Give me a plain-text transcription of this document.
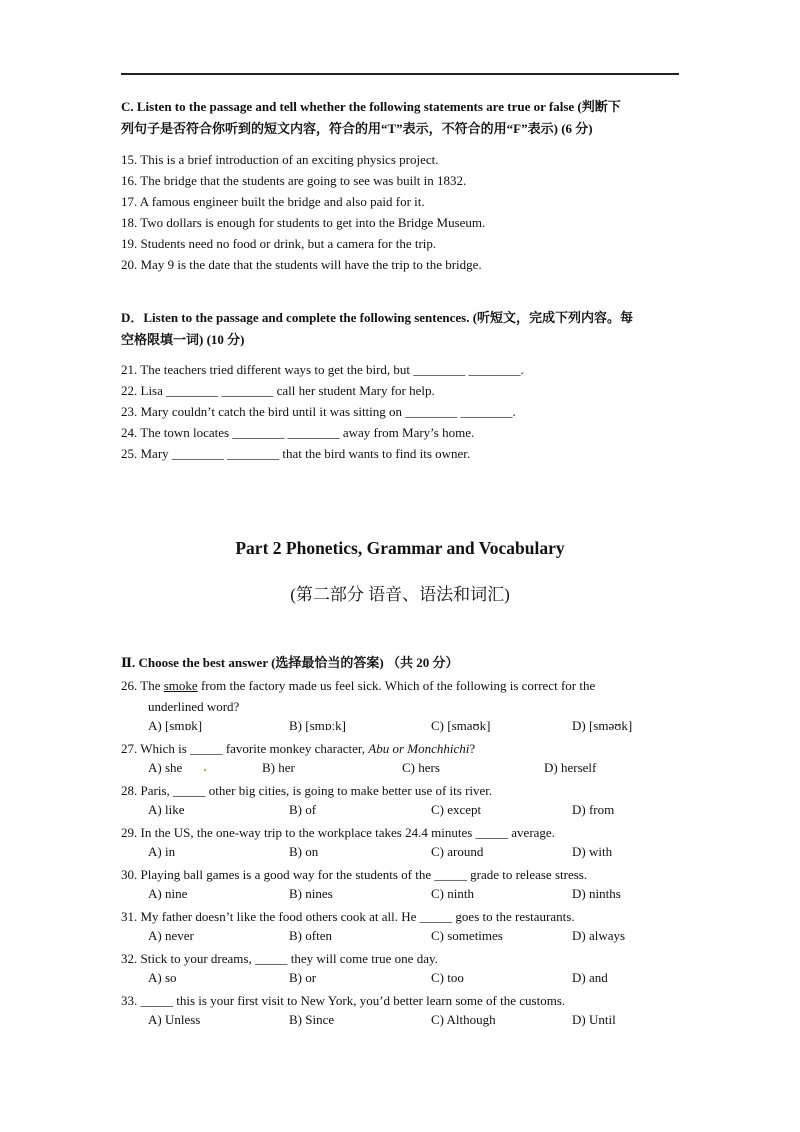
C. Listen to the passage and tell whether the following statements are true or false (判断下
列句子是否符合你听到的短文内容，符合的用“T”表示，不符合的用“F”表示) (6 分)
15. This is a brief introduction of an exciting physics project.
16. The bridge that the students are going to see was built in 1832.
17. A famous engineer built the bridge and also paid for it.
18. Two dollars is enough for students to get into the Bridge Museum.
19. Students need no food or drink, but a camera for the trip.
20. May 9 is the date that the students will have the trip to the bridge.
D．Listen to the passage and complete the following sentences. (听短文，完成下列内容。每
空格限填一词) (10 分)
21. The teachers tried different ways to get the bird, but ________ ________.
22. Lisa ________ ________ call her student Mary for help.
23. Mary couldn’t catch the bird until it was sitting on ________ ________.
24. The town locates ________ ________ away from Mary’s home.
25. Mary ________ ________ that the bird wants to find its owner.
Part 2 Phonetics, Grammar and Vocabulary
(第二部分 语音、语法和词汇)
Ⅱ. Choose the best answer (选择最恰当的答案) （共 20 分）
26. The smoke from the factory made us feel sick. Which of the following is correct for the
underlined word?
A) [smɒk]	B) [smɒːk]	C) [smaʊk]	D) [sməʊk]
27. Which is _____ favorite monkey character, Abu or Monchhichi?
A) she	B) her	C) hers	D) herself
28. Paris, _____ other big cities, is going to make better use of its river.
A) like	B) of	C) except	D) from
29. In the US, the one-way trip to the workplace takes 24.4 minutes _____ average.
A) in	B) on	C) around	D) with
30. Playing ball games is a good way for the students of the _____ grade to release stress.
A) nine	B) nines	C) ninth	D) ninths
31. My father doesn’t like the food others cook at all. He _____ goes to the restaurants.
A) never	B) often	C) sometimes	D) always
32. Stick to your dreams, _____ they will come true one day.
A) so	B) or	C) too	D) and
33. _____ this is your first visit to New York, you’d better learn some of the customs.
A) Unless	B) Since	C) Although	D) Until
